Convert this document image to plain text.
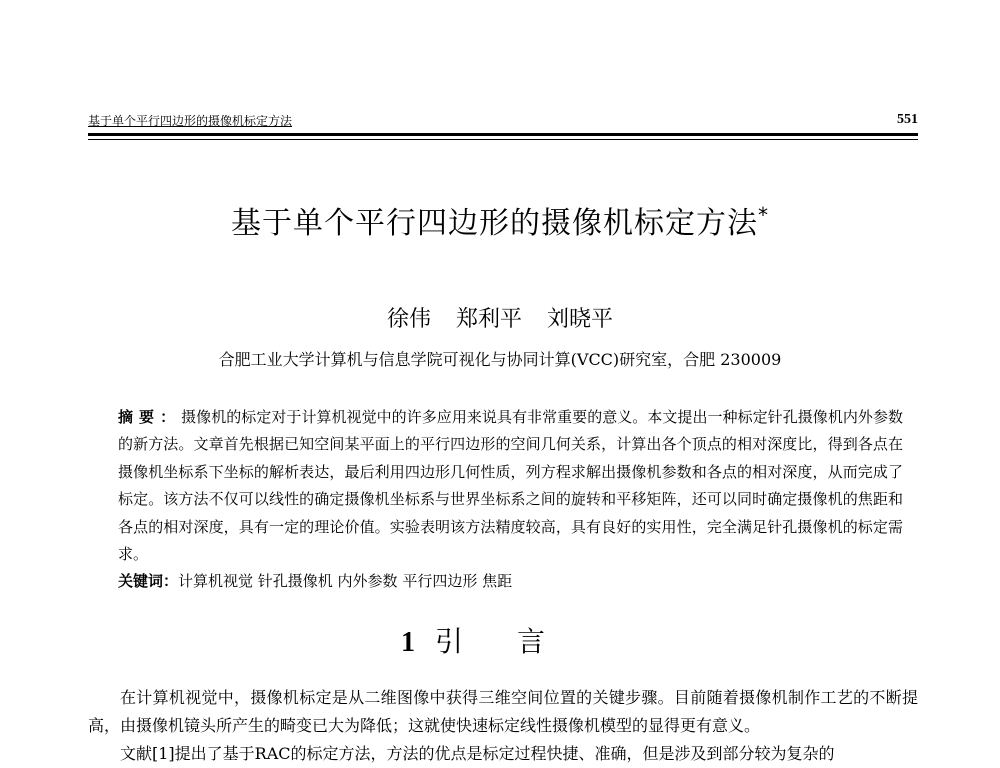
基于单个平行四边形的摄像机标定方法	551
基于单个平行四边形的摄像机标定方法*
徐伟 郑利平 刘晓平
合肥工业大学计算机与信息学院可视化与协同计算(VCC)研究室，合肥 230009
摘要：摄像机的标定对于计算机视觉中的许多应用来说具有非常重要的意义。本文提出一种标定针孔摄像机内外参数的新方法。文章首先根据已知空间某平面上的平行四边形的空间几何关系，计算出各个顶点的相对深度比，得到各点在摄像机坐标系下坐标的解析表达，最后利用四边形几何性质，列方程求解出摄像机参数和各点的相对深度，从而完成了标定。该方法不仅可以线性的确定摄像机坐标系与世界坐标系之间的旋转和平移矩阵，还可以同时确定摄像机的焦距和各点的相对深度，具有一定的理论价值。实验表明该方法精度较高，具有良好的实用性，完全满足针孔摄像机的标定需求。
关键词：计算机视觉 针孔摄像机 内外参数 平行四边形 焦距
1 引言

在计算机视觉中，摄像机标定是从二维图像中获得三维空间位置的关键步骤。目前随着摄像机制作工艺的不断提高，由摄像机镜头所产生的畸变已大为降低；这就使快速标定线性摄像机模型的显得更有意义。

文献[1]提出了基于RAC的标定方法，方法的优点是标定过程快捷、准确，但是涉及到部分较为复杂的
